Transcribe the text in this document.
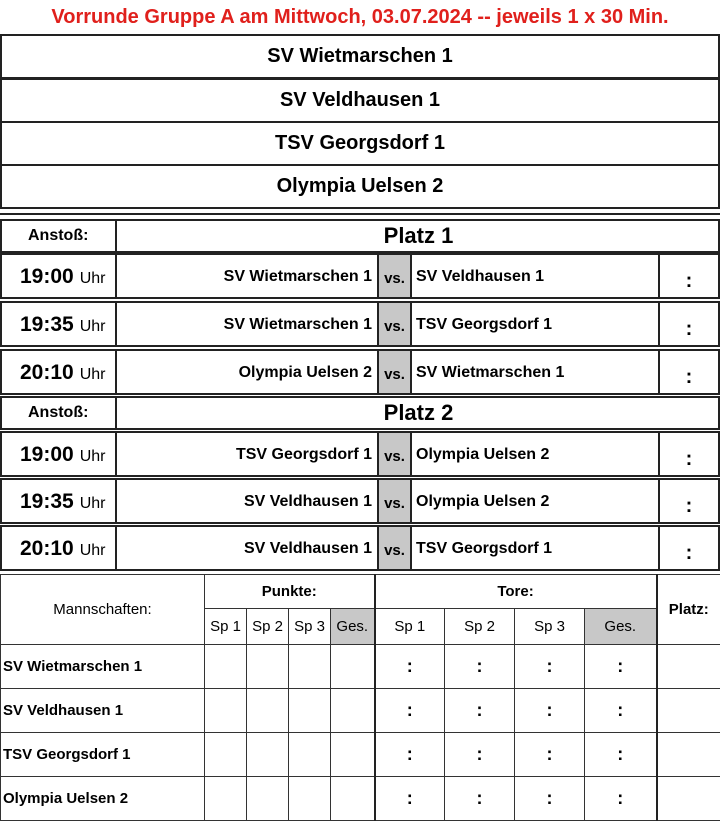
Vorrunde Gruppe A am Mittwoch, 03.07.2024 -- jeweils 1 x 30 Min.
SV Wietmarschen 1
SV Veldhausen 1
TSV Georgsdorf 1
Olympia Uelsen 2
Anstoß:	Platz 1
19:00 Uhr	SV Wietmarschen 1 vs. SV Veldhausen 1	:
19:35 Uhr	SV Wietmarschen 1 vs. TSV Georgsdorf 1	:
20:10 Uhr	Olympia Uelsen 2 vs. SV Wietmarschen 1	:
Anstoß:	Platz 2
19:00 Uhr	TSV Georgsdorf 1 vs. Olympia Uelsen 2	:
19:35 Uhr	SV Veldhausen 1 vs. Olympia Uelsen 2	:
20:10 Uhr	SV Veldhausen 1 vs. TSV Georgsdorf 1	:
Mannschaften:	Punkte:				Tore:				Platz:
	Sp 1	Sp 2	Sp 3	Ges.	Sp 1	Sp 2	Sp 3	Ges.	
SV Wietmarschen 1					:	:	:	:	
SV Veldhausen 1					:	:	:	:	
TSV Georgsdorf 1					:	:	:	:	
Olympia Uelsen 2					:	:	:	:	
